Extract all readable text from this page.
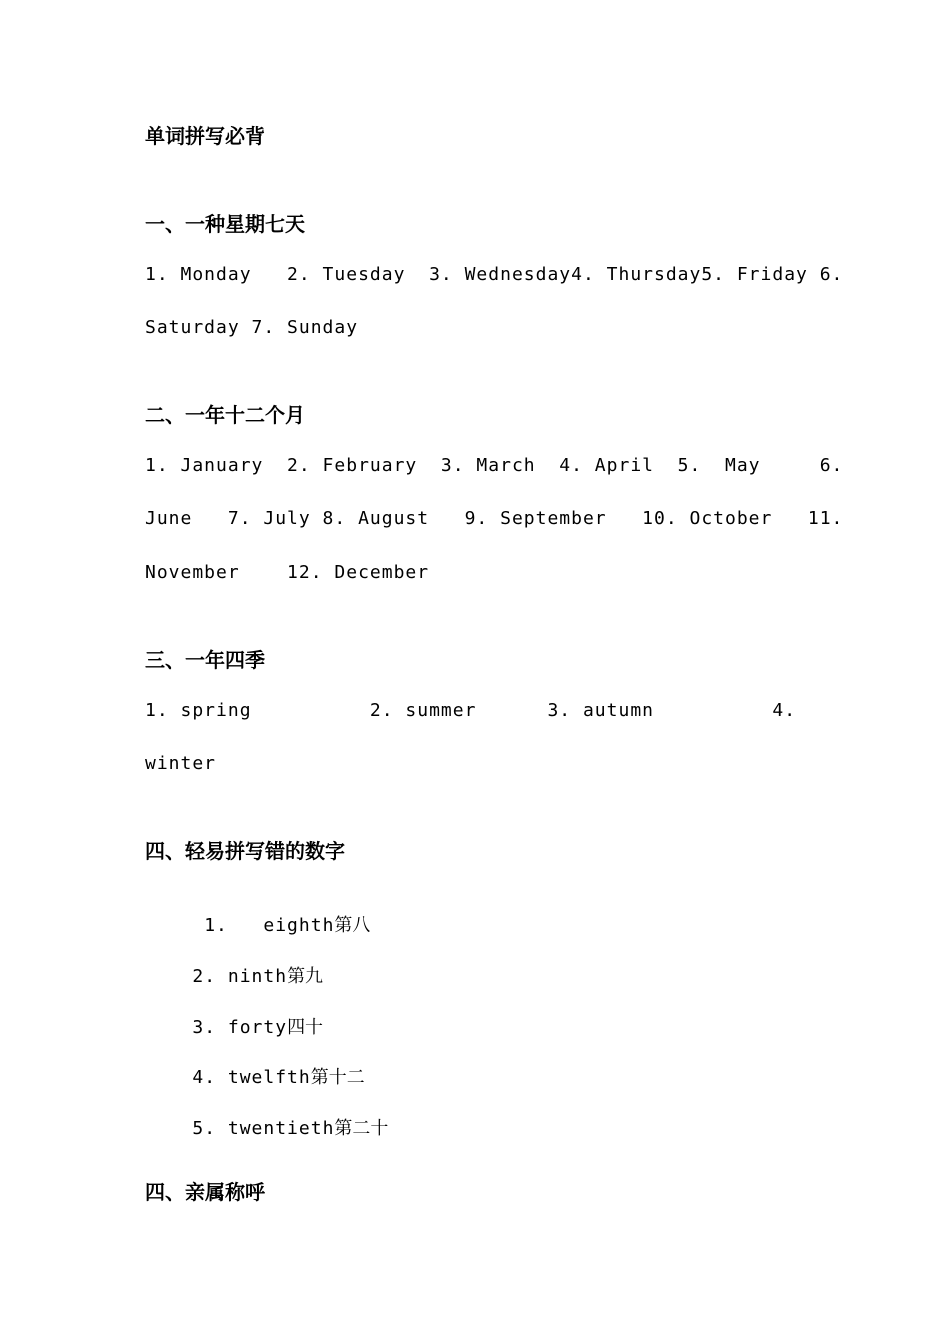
单词拼写必背
一、一种星期七天
1. Monday   2. Tuesday  3. Wednesday4. Thursday5. Friday 6.
Saturday 7. Sunday
二、一年十二个月
1. January  2. February  3. March  4. April  5.  May     6.
June   7. July 8. August   9. September   10. October   11.
November    12. December
三、一年四季
1. spring          2. summer      3. autumn          4.
winter
四、轻易拼写错的数字

1.   eighth第八

2. ninth第九

3. forty四十

4. twelfth第十二

5. twentieth第二十

四、亲属称呼
